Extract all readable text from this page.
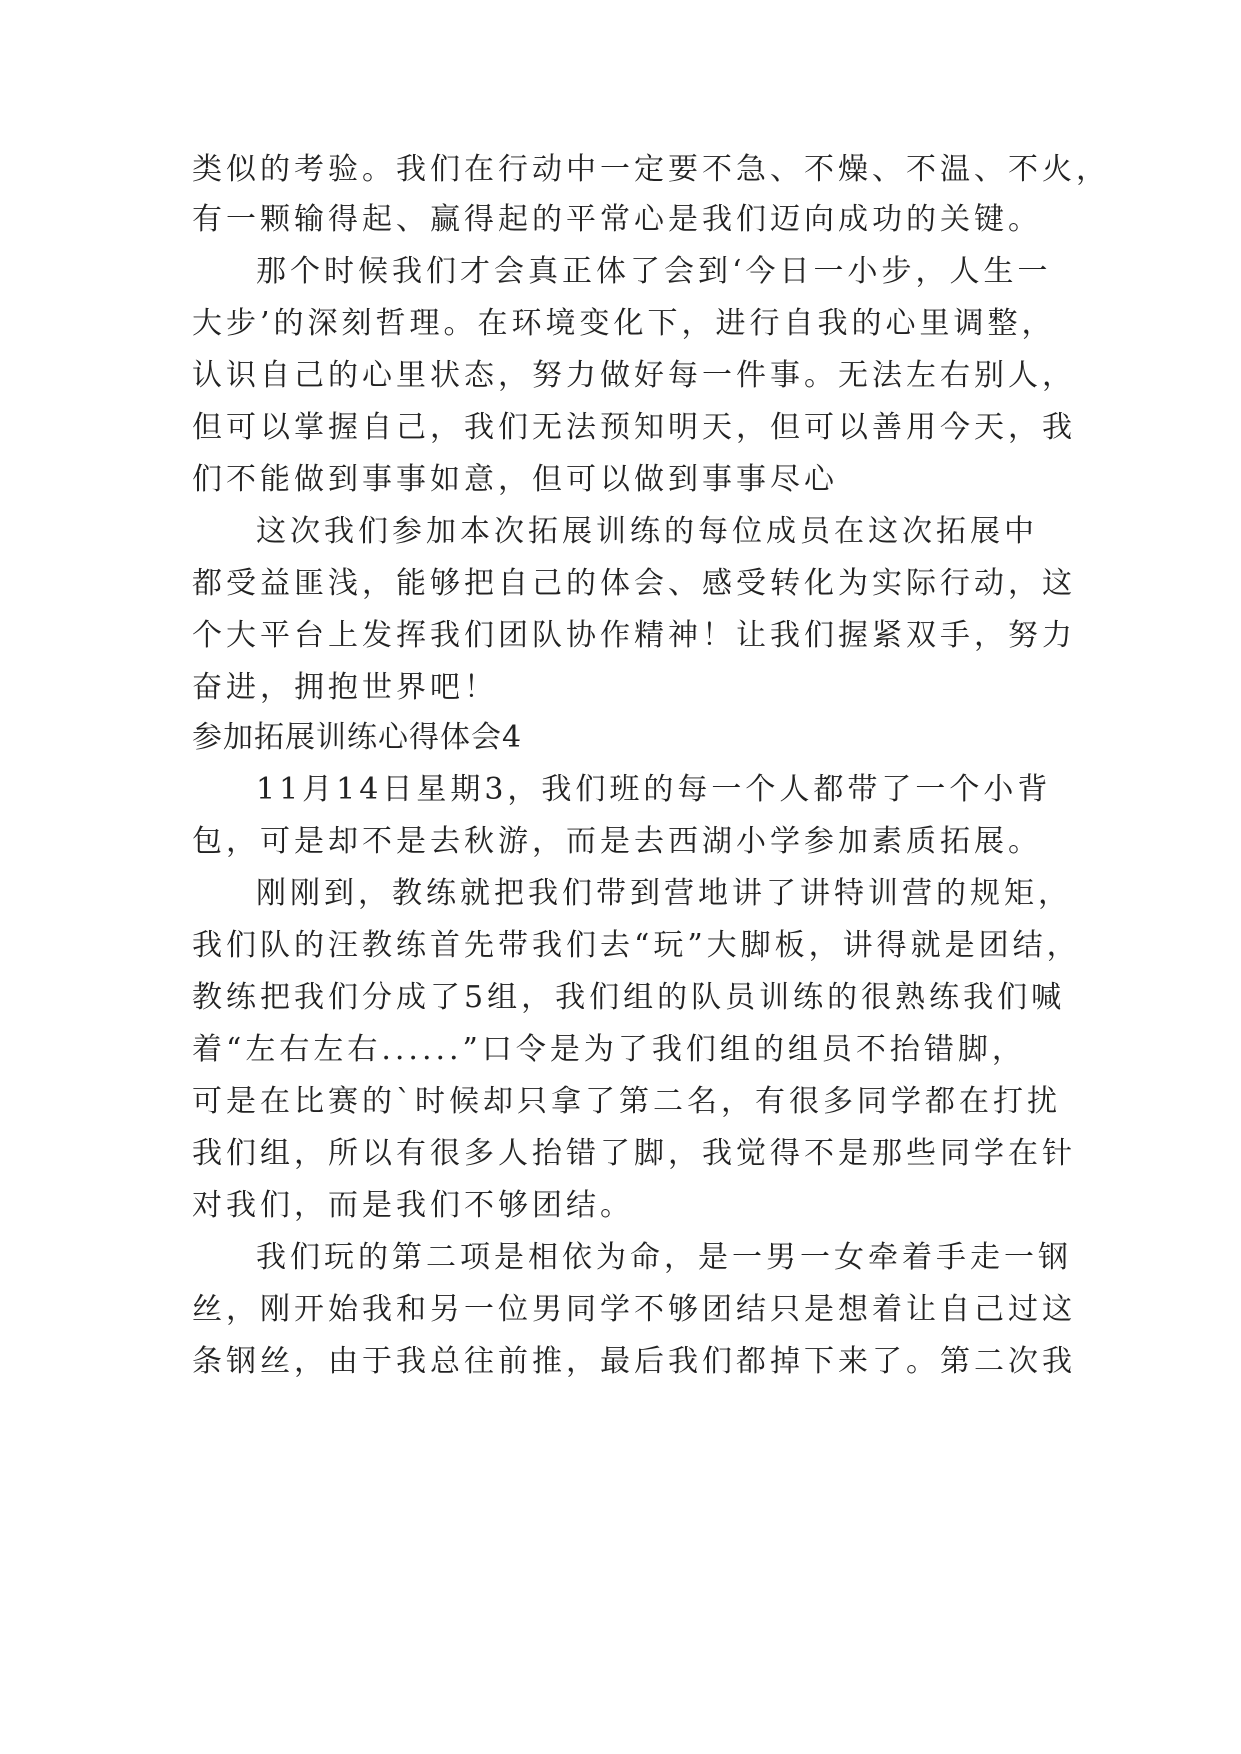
类似的考验。我们在行动中一定要不急、不燥、不温、不火，
有一颗输得起、赢得起的平常心是我们迈向成功的关键。
那个时候我们才会真正体了会到‘今日一小步，人生一
大步’的深刻哲理。在环境变化下，进行自我的心里调整，
认识自己的心里状态，努力做好每一件事。无法左右别人，
但可以掌握自己，我们无法预知明天，但可以善用今天，我
们不能做到事事如意，但可以做到事事尽心
这次我们参加本次拓展训练的每位成员在这次拓展中
都受益匪浅，能够把自己的体会、感受转化为实际行动，这
个大平台上发挥我们团队协作精神！让我们握紧双手，努力
奋进，拥抱世界吧！
参加拓展训练心得体会4
11月14日星期3，我们班的每一个人都带了一个小背
包，可是却不是去秋游，而是去西湖小学参加素质拓展。
刚刚到，教练就把我们带到营地讲了讲特训营的规矩，
我们队的汪教练首先带我们去“玩”大脚板，讲得就是团结，
教练把我们分成了5组，我们组的队员训练的很熟练我们喊
着“左右左右......”口令是为了我们组的组员不抬错脚，
可是在比赛的`时候却只拿了第二名，有很多同学都在打扰
我们组，所以有很多人抬错了脚，我觉得不是那些同学在针
对我们，而是我们不够团结。
我们玩的第二项是相依为命，是一男一女牵着手走一钢
丝，刚开始我和另一位男同学不够团结只是想着让自己过这
条钢丝，由于我总往前推，最后我们都掉下来了。第二次我
